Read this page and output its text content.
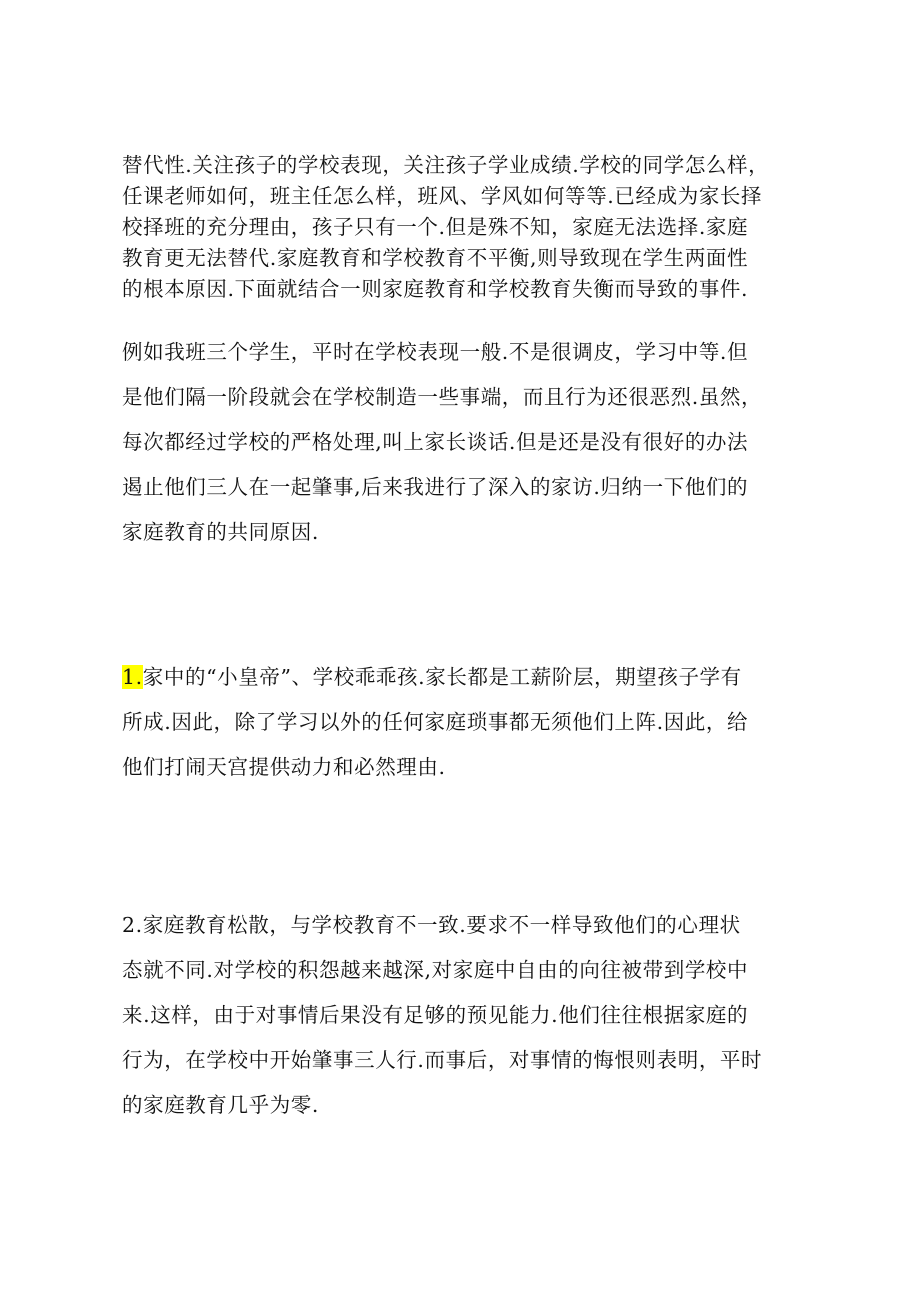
替代性.关注孩子的学校表现，关注孩子学业成绩.学校的同学怎么样，
任课老师如何，班主任怎么样，班风、学风如何等等.已经成为家长择
校择班的充分理由，孩子只有一个.但是殊不知，家庭无法选择.家庭
教育更无法替代.家庭教育和学校教育不平衡,则导致现在学生两面性
的根本原因.下面就结合一则家庭教育和学校教育失衡而导致的事件.
例如我班三个学生，平时在学校表现一般.不是很调皮，学习中等.但
是他们隔一阶段就会在学校制造一些事端，而且行为还很恶烈.虽然，
每次都经过学校的严格处理,叫上家长谈话.但是还是没有很好的办法
遏止他们三人在一起肇事,后来我进行了深入的家访.归纳一下他们的
家庭教育的共同原因.
1.家中的“小皇帝”、学校乖乖孩.家长都是工薪阶层，期望孩子学有
所成.因此，除了学习以外的任何家庭琐事都无须他们上阵.因此，给
他们打闹天宫提供动力和必然理由.
2.家庭教育松散，与学校教育不一致.要求不一样导致他们的心理状
态就不同.对学校的积怨越来越深,对家庭中自由的向往被带到学校中
来.这样，由于对事情后果没有足够的预见能力.他们往往根据家庭的
行为，在学校中开始肇事三人行.而事后，对事情的悔恨则表明，平时
的家庭教育几乎为零.
